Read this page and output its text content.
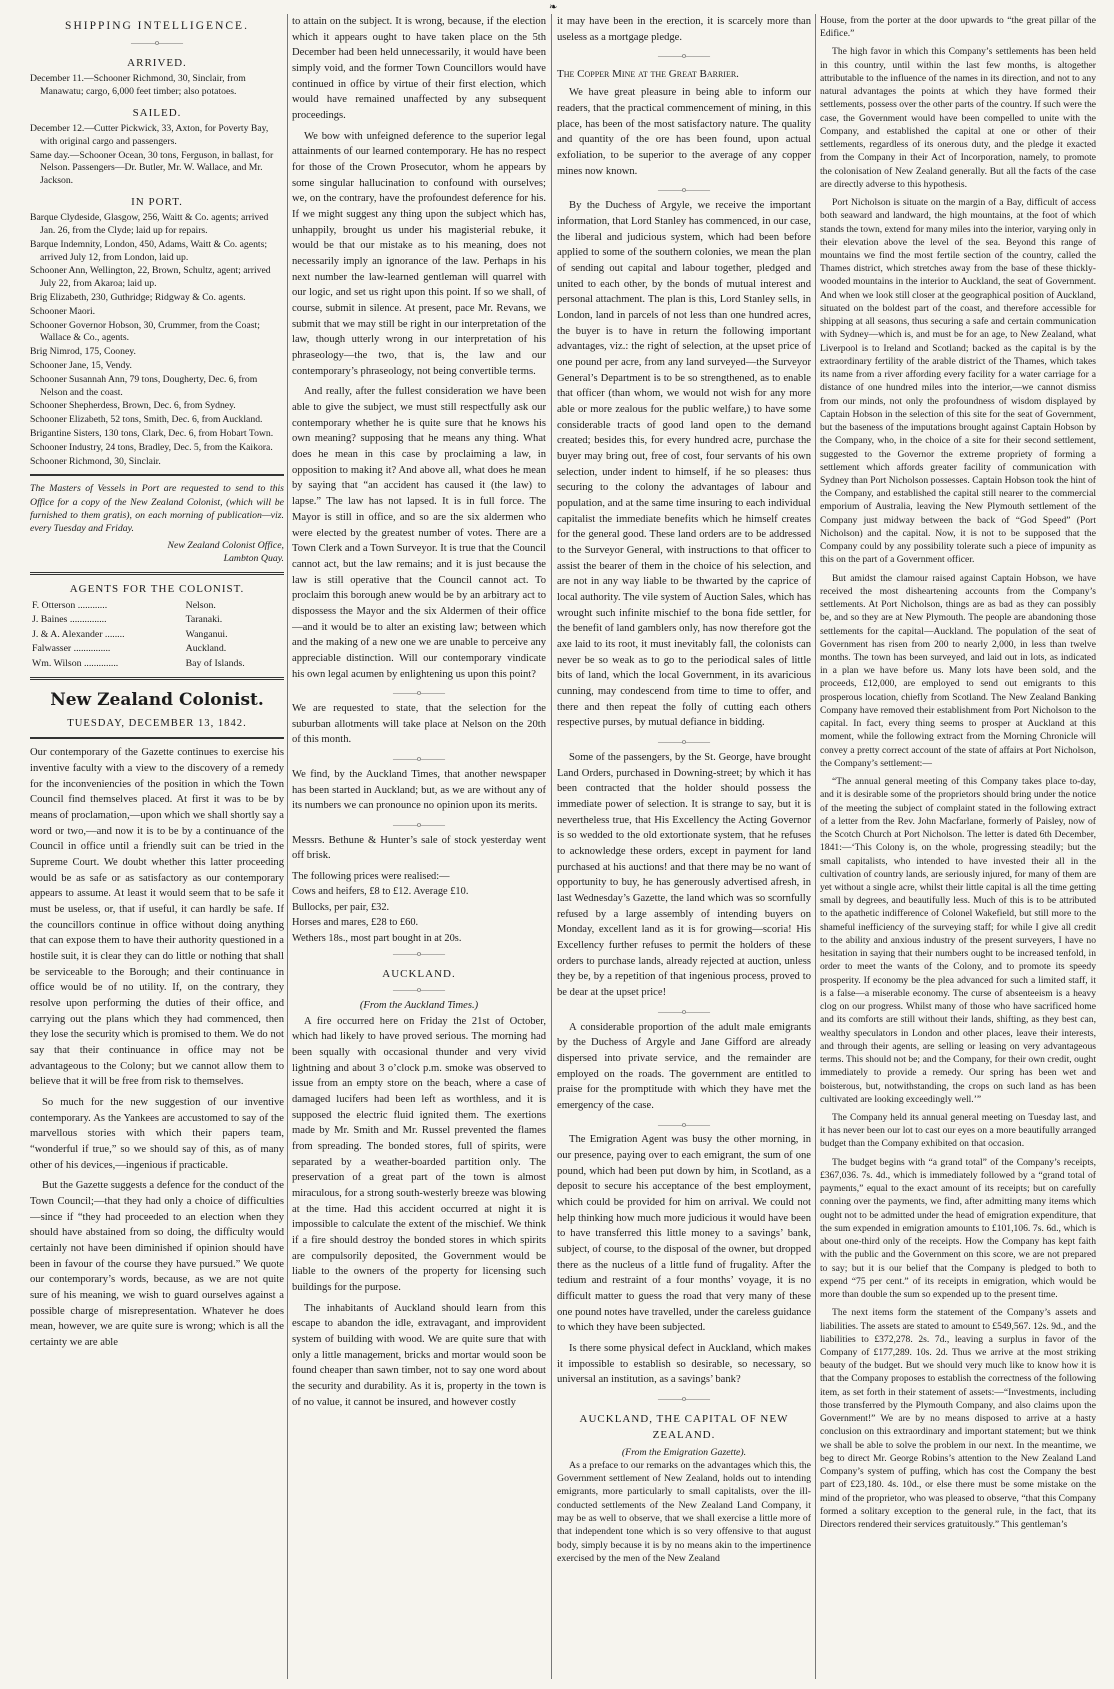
❧
SHIPPING INTELLIGENCE.
———o———
ARRIVED.
December 11.—Schooner Richmond, 30, Sinclair, from Manawatu; cargo, 6,000 feet timber; also potatoes.
SAILED.
December 12.—Cutter Pickwick, 33, Axton, for Poverty Bay, with original cargo and passengers.
Same day.—Schooner Ocean, 30 tons, Ferguson, in ballast, for Nelson. Passengers—Dr. Butler, Mr. W. Wallace, and Mr. Jackson.
IN PORT.
Barque Clydeside, Glasgow, 256, Waitt & Co. agents; arrived Jan. 26, from the Clyde; laid up for repairs.
Barque Indemnity, London, 450, Adams, Waitt & Co. agents; arrived July 12, from London, laid up.
Schooner Ann, Wellington, 22, Brown, Schultz, agent; arrived July 22, from Akaroa; laid up.
Brig Elizabeth, 230, Guthridge; Ridgway & Co. agents.
Schooner Maori.
Schooner Governor Hobson, 30, Crummer, from the Coast; Wallace & Co., agents.
Brig Nimrod, 175, Cooney.
Schooner Jane, 15, Vendy.
Schooner Susannah Ann, 79 tons, Dougherty, Dec. 6, from Nelson and the coast.
Schooner Shepherdess, Brown, Dec. 6, from Sydney.
Schooner Elizabeth, 52 tons, Smith, Dec. 6, from Auckland.
Brigantine Sisters, 130 tons, Clark, Dec. 6, from Hobart Town.
Schooner Industry, 24 tons, Bradley, Dec. 5, from the Kaikora.
Schooner Richmond, 30, Sinclair.
The Masters of Vessels in Port are requested to send to this Office for a copy of the New Zealand Colonist, (which will be furnished to them gratis), on each morning of publication—viz. every Tuesday and Friday.
New Zealand Colonist Office,
Lambton Quay.
AGENTS FOR THE COLONIST.
F. Otterson ............	Nelson.
J. Baines ...............	Taranaki.
J. & A. Alexander ........	Wanganui.
Falwasser ...............	Auckland.
Wm. Wilson ..............	Bay of Islands.
New Zealand Colonist.
TUESDAY, DECEMBER 13, 1842.

Our contemporary of the Gazette continues to exercise his inventive faculty with a view to the discovery of a remedy for the inconveniencies of the position in which the Town Council find themselves placed. At first it was to be by means of proclamation,—upon which we shall shortly say a word or two,—and now it is to be by a continuance of the Council in office until a friendly suit can be tried in the Supreme Court. We doubt whether this latter proceeding would be as safe or as satisfactory as our contemporary appears to assume. At least it would seem that to be safe it must be useless, or, that if useful, it can hardly be safe. If the councillors continue in office without doing anything that can expose them to have their authority questioned in a hostile suit, it is clear they can do little or nothing that shall be serviceable to the Borough; and their continuance in office would be of no utility. If, on the contrary, they resolve upon performing the duties of their office, and carrying out the plans which they had commenced, then they lose the security which is promised to them. We do not say that their continuance in office may not be advantageous to the Colony; but we cannot allow them to believe that it will be free from risk to themselves.

So much for the new suggestion of our inventive contemporary. As the Yankees are accustomed to say of the marvellous stories with which their papers team, “wonderful if true,” so we should say of this, as of many other of his devices,—ingenious if practicable.

But the Gazette suggests a defence for the conduct of the Town Council;—that they had only a choice of difficulties—since if “they had proceeded to an election when they should have abstained from so doing, the difficulty would certainly not have been diminished if opinion should have been in favour of the course they have pursued.” We quote our contemporary’s words, because, as we are not quite sure of his meaning, we wish to guard ourselves against a possible charge of misrepresentation. Whatever he does mean, however, we are quite sure is wrong; which is all the certainty we are able

to attain on the subject. It is wrong, because, if the election which it appears ought to have taken place on the 5th December had been held unnecessarily, it would have been simply void, and the former Town Councillors would have continued in office by virtue of their first election, which would have remained unaffected by any subsequent proceedings.

We bow with unfeigned deference to the superior legal attainments of our learned contemporary. He has no respect for those of the Crown Prosecutor, whom he appears by some singular hallucination to confound with ourselves; we, on the contrary, have the profoundest deference for his. If we might suggest any thing upon the subject which has, unhappily, brought us under his magisterial rebuke, it would be that our mistake as to his meaning, does not necessarily imply an ignorance of the law. Perhaps in his next number the law-learned gentleman will quarrel with our logic, and set us right upon this point. If so we shall, of course, submit in silence. At present, pace Mr. Revans, we submit that we may still be right in our interpretation of the law, though utterly wrong in our interpretation of his phraseology—the two, that is, the law and our contemporary’s phraseology, not being convertible terms.

And really, after the fullest consideration we have been able to give the subject, we must still respectfully ask our contemporary whether he is quite sure that he knows his own meaning? supposing that he means any thing. What does he mean in this case by proclaiming a law, in opposition to making it? And above all, what does he mean by saying that “an accident has caused it (the law) to lapse.” The law has not lapsed. It is in full force. The Mayor is still in office, and so are the six aldermen who were elected by the greatest number of votes. There are a Town Clerk and a Town Surveyor. It is true that the Council cannot act, but the law remains; and it is just because the law is still operative that the Council cannot act. To proclaim this borough anew would be by an arbitrary act to dispossess the Mayor and the six Aldermen of their office—and it would be to alter an existing law; between which and the making of a new one we are unable to perceive any appreciable distinction. Will our contemporary vindicate his own legal acumen by enlightening us upon this point?

———o———

We are requested to state, that the selection for the suburban allotments will take place at Nelson on the 20th of this month.

———o———

We find, by the Auckland Times, that another newspaper has been started in Auckland; but, as we are without any of its numbers we can pronounce no opinion upon its merits.

———o———

Messrs. Bethune & Hunter’s sale of stock yesterday went off brisk.

The following prices were realised:—

Cows and heifers, £8 to £12. Average £10.

Bullocks, per pair, £32.

Horses and mares, £28 to £60.

Wethers 18s., most part bought in at 20s.

———o———
AUCKLAND.
———o———
(From the Auckland Times.)

A fire occurred here on Friday the 21st of October, which had likely to have proved serious. The morning had been squally with occasional thunder and very vivid lightning and about 3 o’clock p.m. smoke was observed to issue from an empty store on the beach, where a case of damaged lucifers had been left as worthless, and it is supposed the electric fluid ignited them. The exertions made by Mr. Smith and Mr. Russel prevented the flames from spreading. The bonded stores, full of spirits, were separated by a weather-boarded partition only. The preservation of a great part of the town is almost miraculous, for a strong south-westerly breeze was blowing at the time. Had this accident occurred at night it is impossible to calculate the extent of the mischief. We think if a fire should destroy the bonded stores in which spirits are compulsorily deposited, the Government would be liable to the owners of the property for licensing such buildings for the purpose.

The inhabitants of Auckland should learn from this escape to abandon the idle, extravagant, and improvident system of building with wood. We are quite sure that with only a little management, bricks and mortar would soon be found cheaper than sawn timber, not to say one word about the security and durability. As it is, property in the town is of no value, it cannot be insured, and however costly

it may have been in the erection, it is scarcely more than useless as a mortgage pledge.

———o———
The Copper Mine at the Great Barrier.

We have great pleasure in being able to inform our readers, that the practical commencement of mining, in this place, has been of the most satisfactory nature. The quality and quantity of the ore has been found, upon actual exfoliation, to be superior to the average of any copper mines now known.

———o———

By the Duchess of Argyle, we receive the important information, that Lord Stanley has commenced, in our case, the liberal and judicious system, which had been before applied to some of the southern colonies, we mean the plan of sending out capital and labour together, pledged and united to each other, by the bonds of mutual interest and personal attachment. The plan is this, Lord Stanley sells, in London, land in parcels of not less than one hundred acres, the buyer is to have in return the following important advantages, viz.: the right of selection, at the upset price of one pound per acre, from any land surveyed—the Surveyor General’s Department is to be so strengthened, as to enable that officer (than whom, we would not wish for any more able or more zealous for the public welfare,) to have some considerable tracts of good land open to the demand created; besides this, for every hundred acre, purchase the buyer may bring out, free of cost, four servants of his own selection, under indent to himself, if he so pleases: thus securing to the colony the advantages of labour and population, and at the same time insuring to each individual capitalist the immediate benefits which he himself creates for the general good. These land orders are to be addressed to the Surveyor General, with instructions to that officer to assist the bearer of them in the choice of his selection, and are not in any way liable to be thwarted by the caprice of local authority. The vile system of Auction Sales, which has wrought such infinite mischief to the bona fide settler, for the benefit of land gamblers only, has now therefore got the axe laid to its root, it must inevitably fall, the colonists can never be so weak as to go to the periodical sales of little bits of land, which the local Government, in its avaricious cunning, may condescend from time to time to offer, and there and then repeat the folly of cutting each others respective purses, by mutual defiance in bidding.

———o———

Some of the passengers, by the St. George, have brought Land Orders, purchased in Downing-street; by which it has been contracted that the holder should possess the immediate power of selection. It is strange to say, but it is nevertheless true, that His Excellency the Acting Governor is so wedded to the old extortionate system, that he refuses to acknowledge these orders, except in payment for land purchased at his auctions! and that there may be no want of opportunity to buy, he has generously advertised afresh, in last Wednesday’s Gazette, the land which was so scornfully refused by a large assembly of intending buyers on Monday, excellent land as it is for growing—scoria! His Excellency further refuses to permit the holders of these orders to purchase lands, already rejected at auction, unless they be, by a repetition of that ingenious process, proved to be dear at the upset price!

———o———

A considerable proportion of the adult male emigrants by the Duchess of Argyle and Jane Gifford are already dispersed into private service, and the remainder are employed on the roads. The government are entitled to praise for the promptitude with which they have met the emergency of the case.

———o———

The Emigration Agent was busy the other morning, in our presence, paying over to each emigrant, the sum of one pound, which had been put down by him, in Scotland, as a deposit to secure his acceptance of the best employment, which could be provided for him on arrival. We could not help thinking how much more judicious it would have been to have transferred this little money to a savings’ bank, subject, of course, to the disposal of the owner, but dropped there as the nucleus of a little fund of frugality. After the tedium and restraint of a four months’ voyage, it is no difficult matter to guess the road that very many of these one pound notes have travelled, under the careless guidance to which they have been subjected.

Is there some physical defect in Auckland, which makes it impossible to establish so desirable, so necessary, so universal an institution, as a savings’ bank?

———o———
AUCKLAND, THE CAPITAL OF NEW ZEALAND.
(From the Emigration Gazette).

As a preface to our remarks on the advantages which this, the Government settlement of New Zealand, holds out to intending emigrants, more particularly to small capitalists, over the ill-conducted settlements of the New Zealand Land Company, it may be as well to observe, that we shall exercise a little more of that independent tone which is so very offensive to that august body, simply because it is by no means akin to the impertinence exercised by the men of the New Zealand

House, from the porter at the door upwards to “the great pillar of the Edifice.”

The high favor in which this Company’s settlements has been held in this country, until within the last few months, is altogether attributable to the influence of the names in its direction, and not to any natural advantages the points at which they have formed their settlements, possess over the other parts of the country. If such were the case, the Government would have been compelled to unite with the Company, and established the capital at one or other of their settlements, regardless of its onerous duty, and the pledge it exacted from the Company in their Act of Incorporation, namely, to promote the colonisation of New Zealand generally. But all the facts of the case are directly adverse to this hypothesis.

Port Nicholson is situate on the margin of a Bay, difficult of access both seaward and landward, the high mountains, at the foot of which stands the town, extend for many miles into the interior, varying only in their elevation above the level of the sea. Beyond this range of mountains we find the most fertile section of the country, called the Thames district, which stretches away from the base of these thickly-wooded mountains in the interior to Auckland, the seat of Government. And when we look still closer at the geographical position of Auckland, situated on the boldest part of the coast, and therefore accessible for shipping at all seasons, thus securing a safe and certain communication with Sydney—which is, and must be for an age, to New Zealand, what Liverpool is to Ireland and Scotland; backed as the capital is by the extraordinary fertility of the arable district of the Thames, which takes its name from a river affording every facility for a water carriage for a distance of one hundred miles into the interior,—we cannot dismiss from our minds, not only the profoundness of wisdom displayed by Captain Hobson in the selection of this site for the seat of Government, but the baseness of the imputations brought against Captain Hobson by the Company, who, in the choice of a site for their second settlement, suggested to the Governor the extreme propriety of forming a settlement which affords greater facility of communication with Sydney than Port Nicholson possesses. Captain Hobson took the hint of the Company, and established the capital still nearer to the commercial emporium of Australia, leaving the New Plymouth settlement of the Company just midway between the back of “God Speed” (Port Nicholson) and the capital. Now, it is not to be supposed that the Company could by any possibility tolerate such a piece of impunity as this on the part of a Government officer.

But amidst the clamour raised against Captain Hobson, we have received the most disheartening accounts from the Company’s settlements. At Port Nicholson, things are as bad as they can possibly be, and so they are at New Plymouth. The people are abandoning those settlements for the capital—Auckland. The population of the seat of Government has risen from 200 to nearly 2,000, in less than twelve months. The town has been surveyed, and laid out in lots, as indicated in a plan we have before us. Many lots have been sold, and the proceeds, £12,000, are employed to send out emigrants to this prosperous location, chiefly from Scotland. The New Zealand Banking Company have removed their establishment from Port Nicholson to the capital. In fact, every thing seems to prosper at Auckland at this moment, while the following extract from the Morning Chronicle will convey a pretty correct account of the state of affairs at Port Nicholson, the Company’s settlement:—

“The annual general meeting of this Company takes place to-day, and it is desirable some of the proprietors should bring under the notice of the meeting the subject of complaint stated in the following extract of a letter from the Rev. John Macfarlane, formerly of Paisley, now of the Scotch Church at Port Nicholson. The letter is dated 6th December, 1841:—‘This Colony is, on the whole, progressing steadily; but the small capitalists, who intended to have invested their all in the cultivation of country lands, are seriously injured, for many of them are yet without a single acre, whilst their little capital is all the time getting small by degrees, and beautifully less. Much of this is to be attributed to the apathetic indifference of Colonel Wakefield, but still more to the shameful inefficiency of the surveying staff; for while I give all credit to the ability and anxious industry of the present surveyers, I have no hesitation in saying that their numbers ought to be increased tenfold, in order to meet the wants of the Colony, and to promote its speedy prosperity. If economy be the plea advanced for such a limited staff, it is a false—a miserable economy. The curse of absenteeism is a heavy clog on our progress. Whilst many of those who have sacrificed home and its comforts are still without their lands, shifting, as they best can, wealthy speculators in London and other places, leave their interests, and through their agents, are selling or leasing on very advantageous terms. This should not be; and the Company, for their own credit, ought immediately to provide a remedy. Our spring has been wet and boisterous, but, notwithstanding, the crops on such land as has been cultivated are looking exceedingly well.’”

The Company held its annual general meeting on Tuesday last, and it has never been our lot to cast our eyes on a more beautifully arranged budget than the Company exhibited on that occasion.

The budget begins with “a grand total” of the Company’s receipts, £367,036. 7s. 4d., which is immediately followed by a “grand total of payments,” equal to the exact amount of its receipts; but on carefully conning over the payments, we find, after admitting many items which ought not to be admitted under the head of emigration expenditure, that the sum expended in emigration amounts to £101,106. 7s. 6d., which is about one-third only of the receipts. How the Company has kept faith with the public and the Government on this score, we are not prepared to say; but it is our belief that the Company is pledged to both to expend “75 per cent.” of its receipts in emigration, which would be more than double the sum so expended up to the present time.

The next items form the statement of the Company’s assets and liabilities. The assets are stated to amount to £549,567. 12s. 9d., and the liabilities to £372,278. 2s. 7d., leaving a surplus in favor of the Company of £177,289. 10s. 2d. Thus we arrive at the most striking beauty of the budget. But we should very much like to know how it is that the Company proposes to establish the correctness of the following item, as set forth in their statement of assets:—“Investments, including those transferred by the Plymouth Company, and also claims upon the Government!” We are by no means disposed to arrive at a hasty conclusion on this extraordinary and important statement; but we think we shall be able to solve the problem in our next. In the meantime, we beg to direct Mr. George Robins’s attention to the New Zealand Land Company’s system of puffing, which has cost the Company the best part of £23,180. 4s. 10d., or else there must be some mistake on the mind of the proprietor, who was pleased to observe, “that this Company formed a solitary exception to the general rule, in the fact, that its Directors rendered their services gratuitously.” This gentleman’s
